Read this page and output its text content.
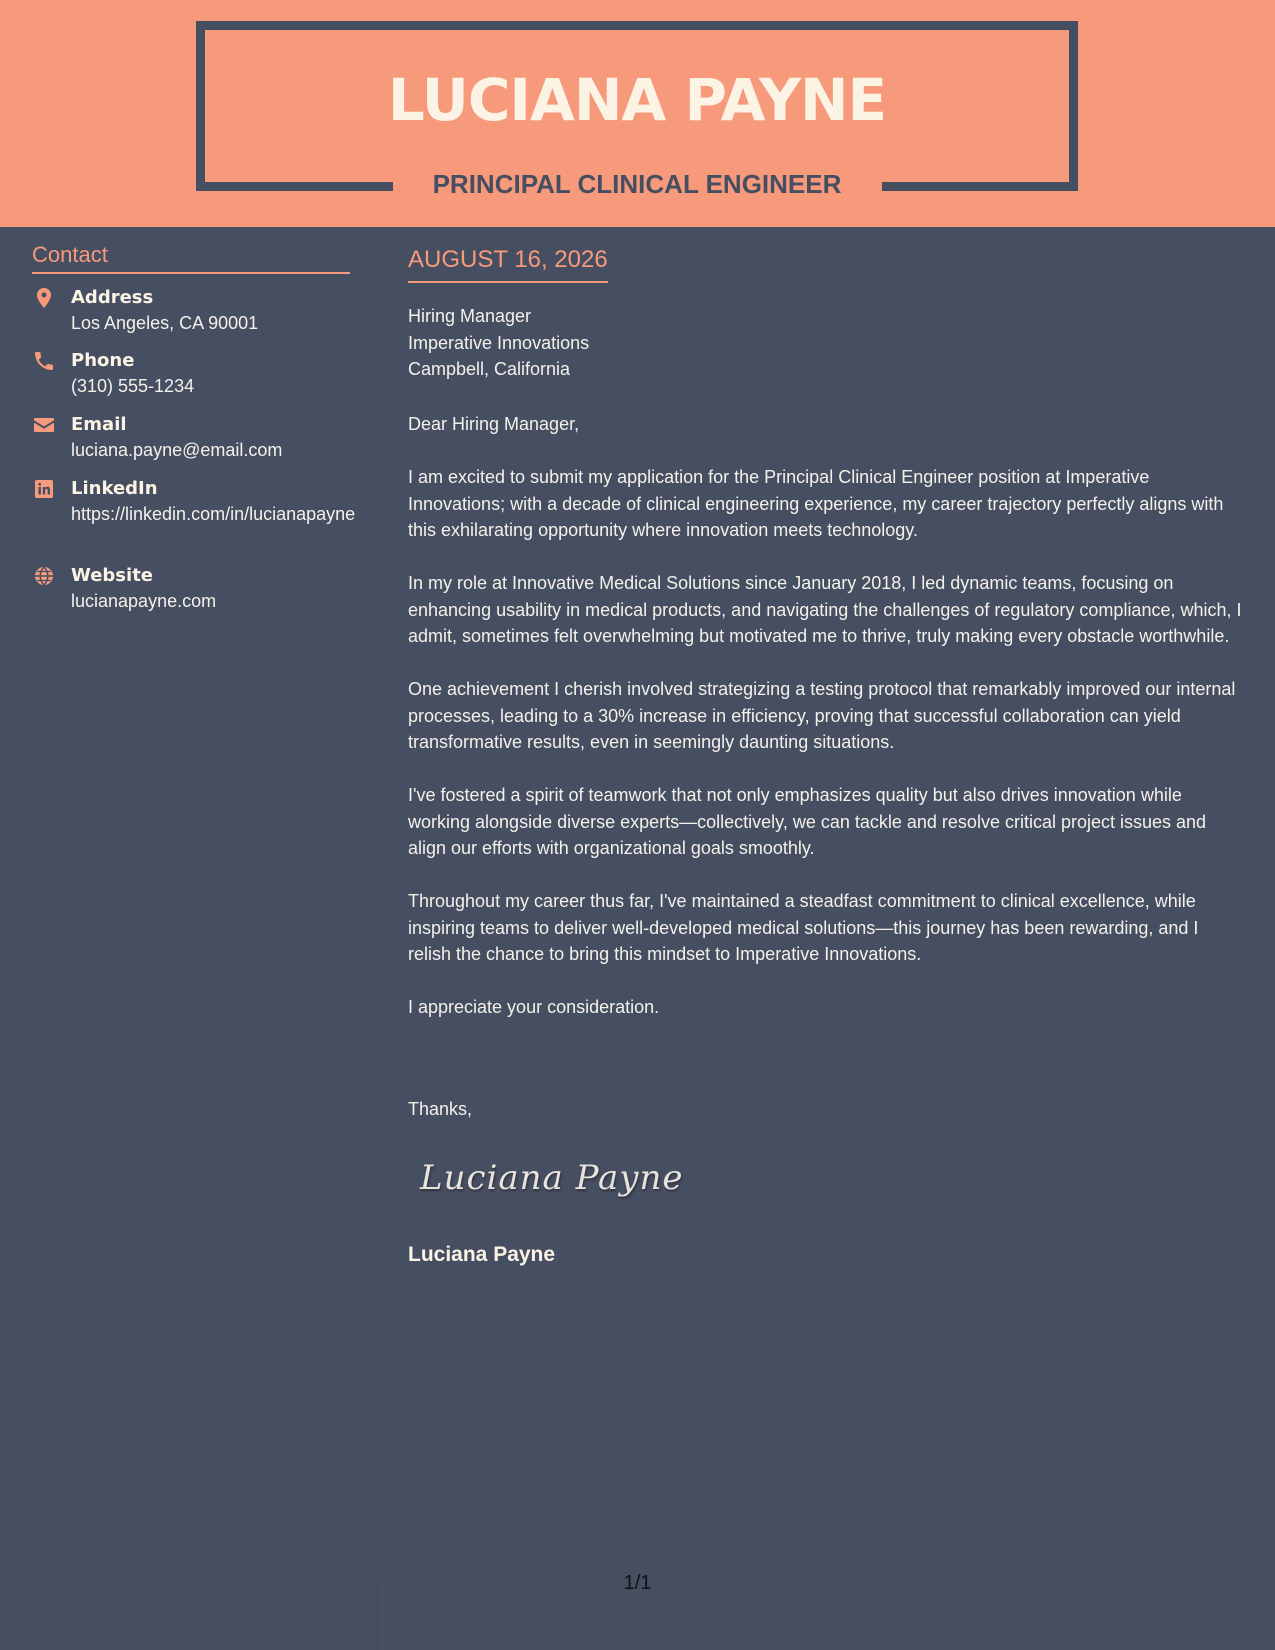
LUCIANA PAYNE
PRINCIPAL CLINICAL ENGINEER
Contact
Address
Los Angeles, CA 90001
Phone
(310) 555-1234
Email
luciana.payne@email.com
LinkedIn
https://linkedin.com/in/lucianapayne
Website
lucianapayne.com
AUGUST 16, 2026
Hiring Manager
Imperative Innovations
Campbell, California

Dear Hiring Manager,

I am excited to submit my application for the Principal Clinical Engineer position at Imperative Innovations; with a decade of clinical engineering experience, my career trajectory perfectly aligns with this exhilarating opportunity where innovation meets technology.

In my role at Innovative Medical Solutions since January 2018, I led dynamic teams, focusing on enhancing usability in medical products, and navigating the challenges of regulatory compliance, which, I admit, sometimes felt overwhelming but motivated me to thrive, truly making every obstacle worthwhile.

One achievement I cherish involved strategizing a testing protocol that remarkably improved our internal processes, leading to a 30% increase in efficiency, proving that successful collaboration can yield transformative results, even in seemingly daunting situations.

I've fostered a spirit of teamwork that not only emphasizes quality but also drives innovation while working alongside diverse experts—collectively, we can tackle and resolve critical project issues and align our efforts with organizational goals smoothly.

Throughout my career thus far, I've maintained a steadfast commitment to clinical excellence, while inspiring teams to deliver well-developed medical solutions—this journey has been rewarding, and I relish the chance to bring this mindset to Imperative Innovations.

I appreciate your consideration.

Thanks,
Luciana Payne
Luciana Payne
1/1
